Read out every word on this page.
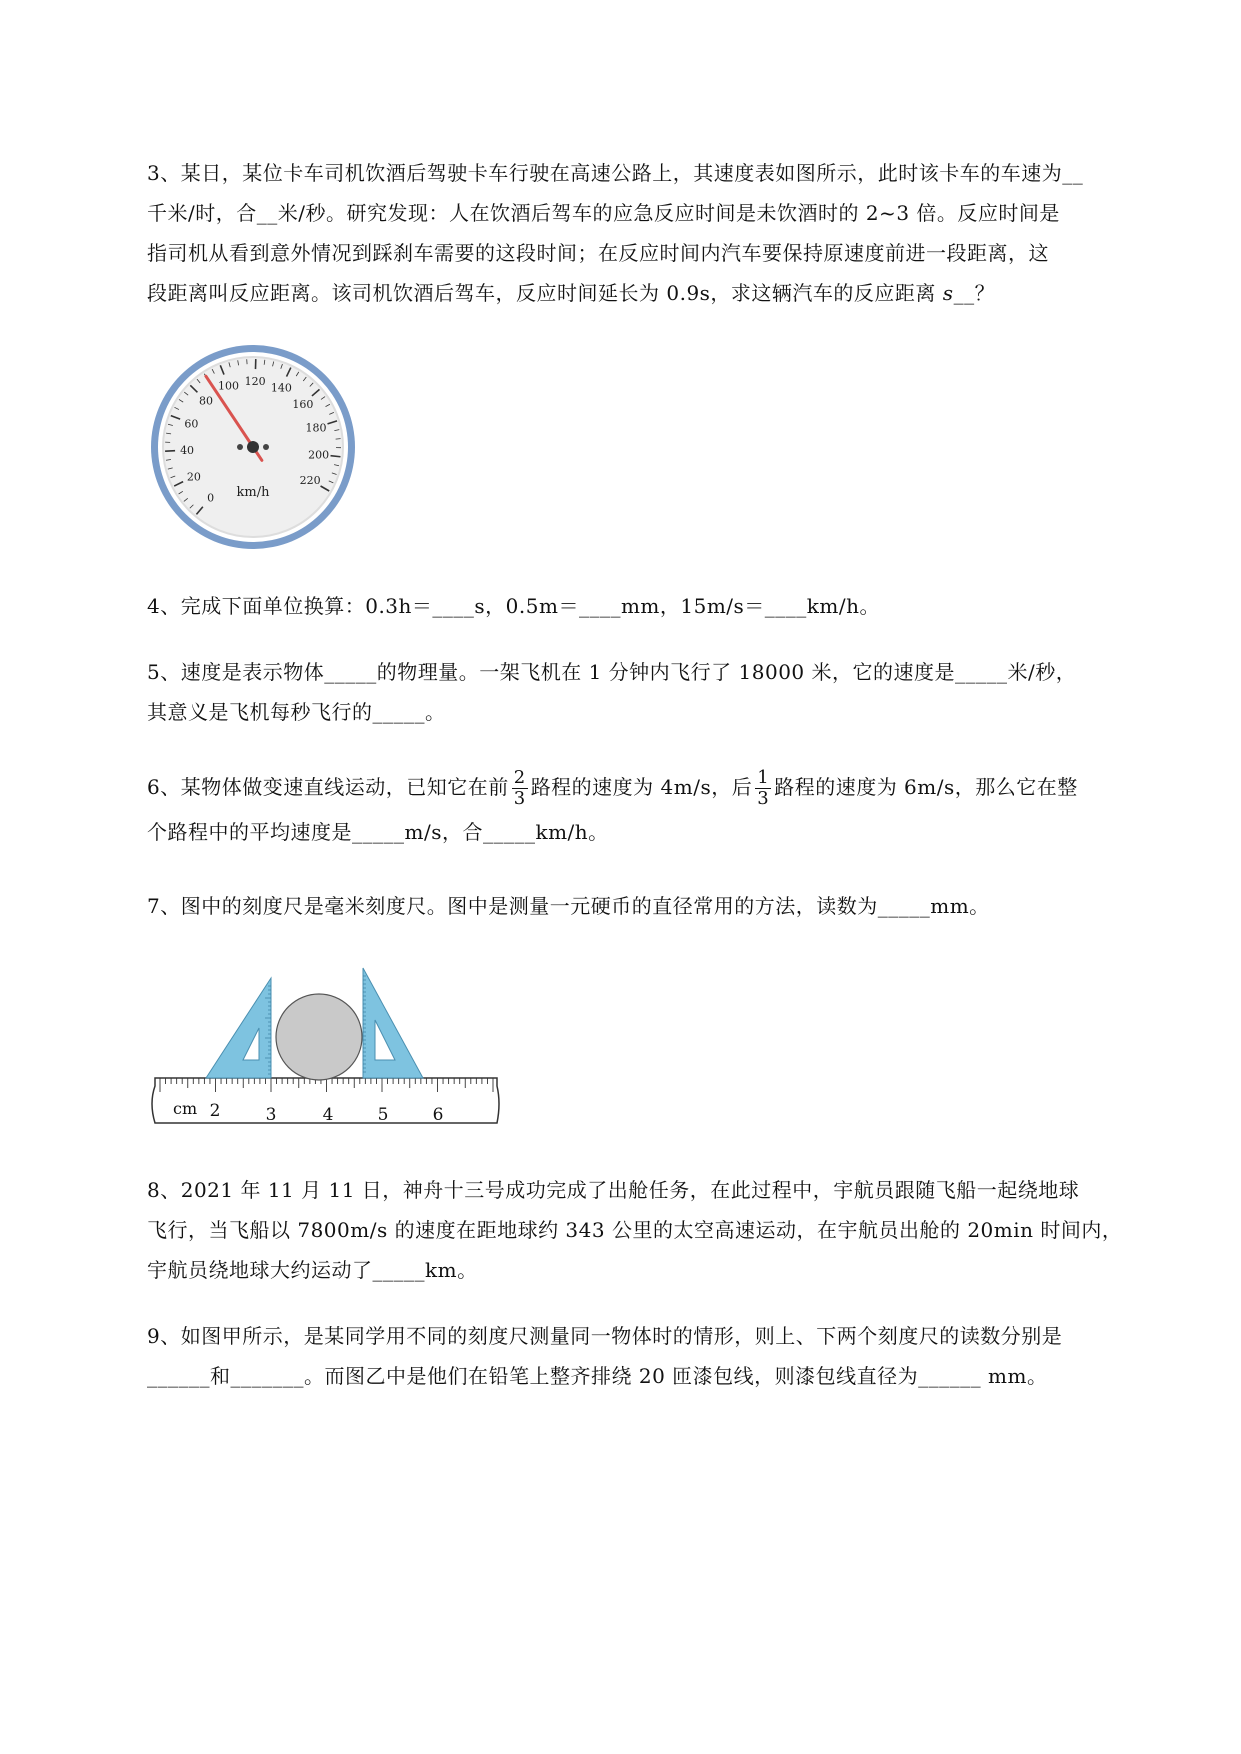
3、某日，某位卡车司机饮酒后驾驶卡车行驶在高速公路上，其速度表如图所示，此时该卡车的车速为__

千米/时，合__米/秒。研究发现：人在饮酒后驾车的应急反应时间是未饮酒时的 2~3 倍。反应时间是

指司机从看到意外情况到踩刹车需要的这段时间；在反应时间内汽车要保持原速度前进一段距离，这

段距离叫反应距离。该司机饮酒后驾车，反应时间延长为 0.9s，求这辆汽车的反应距离 s__？

0
20
40
60
80
100 120 140
160
180
200
220
km/h

4、完成下面单位换算：0.3h＝____s，0.5m＝____mm，15m/s＝____km/h。

5、速度是表示物体_____的物理量。一架飞机在 1 分钟内飞行了 18000 米，它的速度是_____米/秒，

其意义是飞机每秒飞行的_____。

6、某物体做变速直线运动，已知它在前 $\frac{2}{3}$ 路程的速度为 4m/s，后 $\frac{1}{3}$ 路程的速度为 6m/s，那么它在整

个路程中的平均速度是_____m/s，合_____km/h。

7、图中的刻度尺是毫米刻度尺。图中是测量一元硬币的直径常用的方法，读数为_____mm。

cm 2	3	4	5	6

8、2021 年 11 月 11 日，神舟十三号成功完成了出舱任务，在此过程中，宇航员跟随飞船一起绕地球

飞行，当飞船以 7800m/s 的速度在距地球约 343 公里的太空高速运动，在宇航员出舱的 20min 时间内，

宇航员绕地球大约运动了_____km。

9、如图甲所示，是某同学用不同的刻度尺测量同一物体时的情形，则上、下两个刻度尺的读数分别是

______和_______。而图乙中是他们在铅笔上整齐排绕 20 匝漆包线，则漆包线直径为______ mm。
